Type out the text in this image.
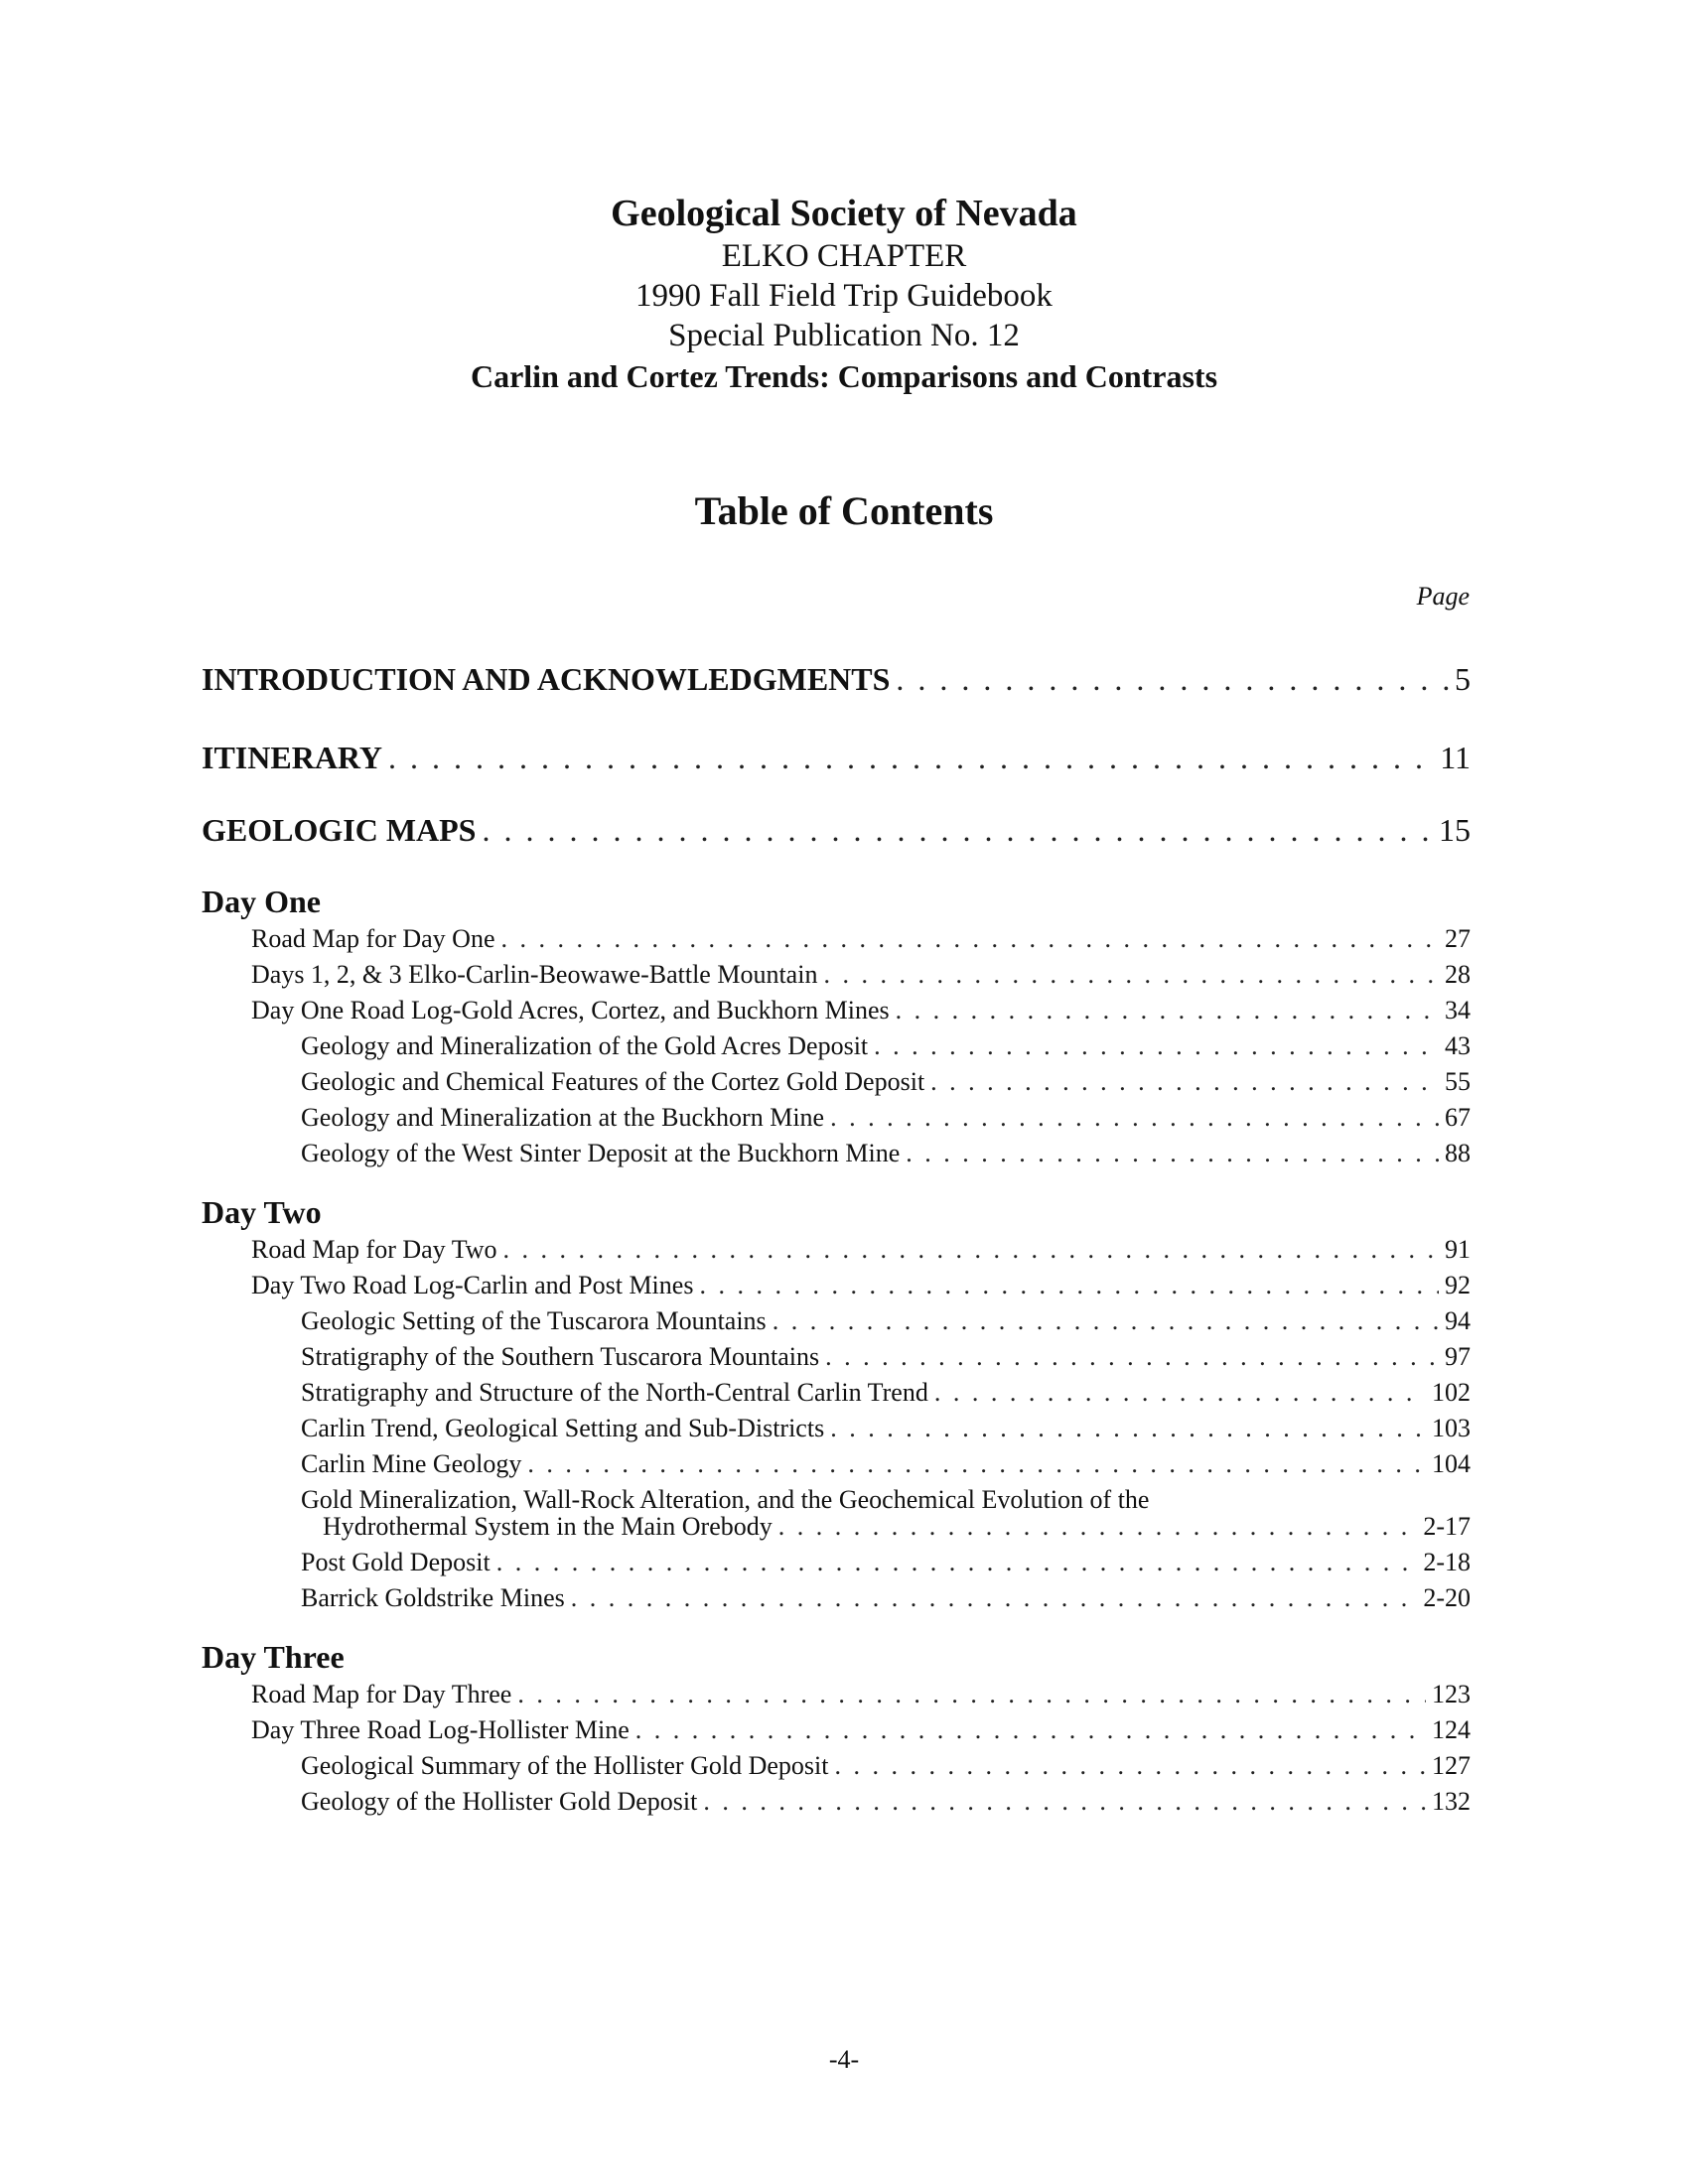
Geological Society of Nevada
ELKO CHAPTER
1990 Fall Field Trip Guidebook
Special Publication No. 12
Carlin and Cortez Trends: Comparisons and Contrasts
Table of Contents
Page
INTRODUCTION AND ACKNOWLEDGMENTS . . .	5
ITINERARY . . .	11
GEOLOGIC MAPS . . .	15
Day One
Road Map for Day One . . .	27
Days 1, 2, & 3 Elko-Carlin-Beowawe-Battle Mountain . . .	28
Day One Road Log-Gold Acres, Cortez, and Buckhorn Mines . . .	34
Geology and Mineralization of the Gold Acres Deposit . . .	43
Geologic and Chemical Features of the Cortez Gold Deposit . . .	55
Geology and Mineralization at the Buckhorn Mine . . .	67
Geology of the West Sinter Deposit at the Buckhorn Mine . . .	88
Day Two
Road Map for Day Two . . .	91
Day Two Road Log-Carlin and Post Mines . . .	92
Geologic Setting of the Tuscarora Mountains . . .	94
Stratigraphy of the Southern Tuscarora Mountains . . .	97
Stratigraphy and Structure of the North-Central Carlin Trend . . .	102
Carlin Trend, Geological Setting and Sub-Districts . . .	103
Carlin Mine Geology . . .	104
Gold Mineralization, Wall-Rock Alteration, and the Geochemical Evolution of the
Hydrothermal System in the Main Orebody . . .	2-17
Post Gold Deposit . . .	2-18
Barrick Goldstrike Mines . . .	2-20
Day Three
Road Map for Day Three . . .	123
Day Three Road Log-Hollister Mine . . .	124
Geological Summary of the Hollister Gold Deposit . . .	127
Geology of the Hollister Gold Deposit . . .	132
-4-
